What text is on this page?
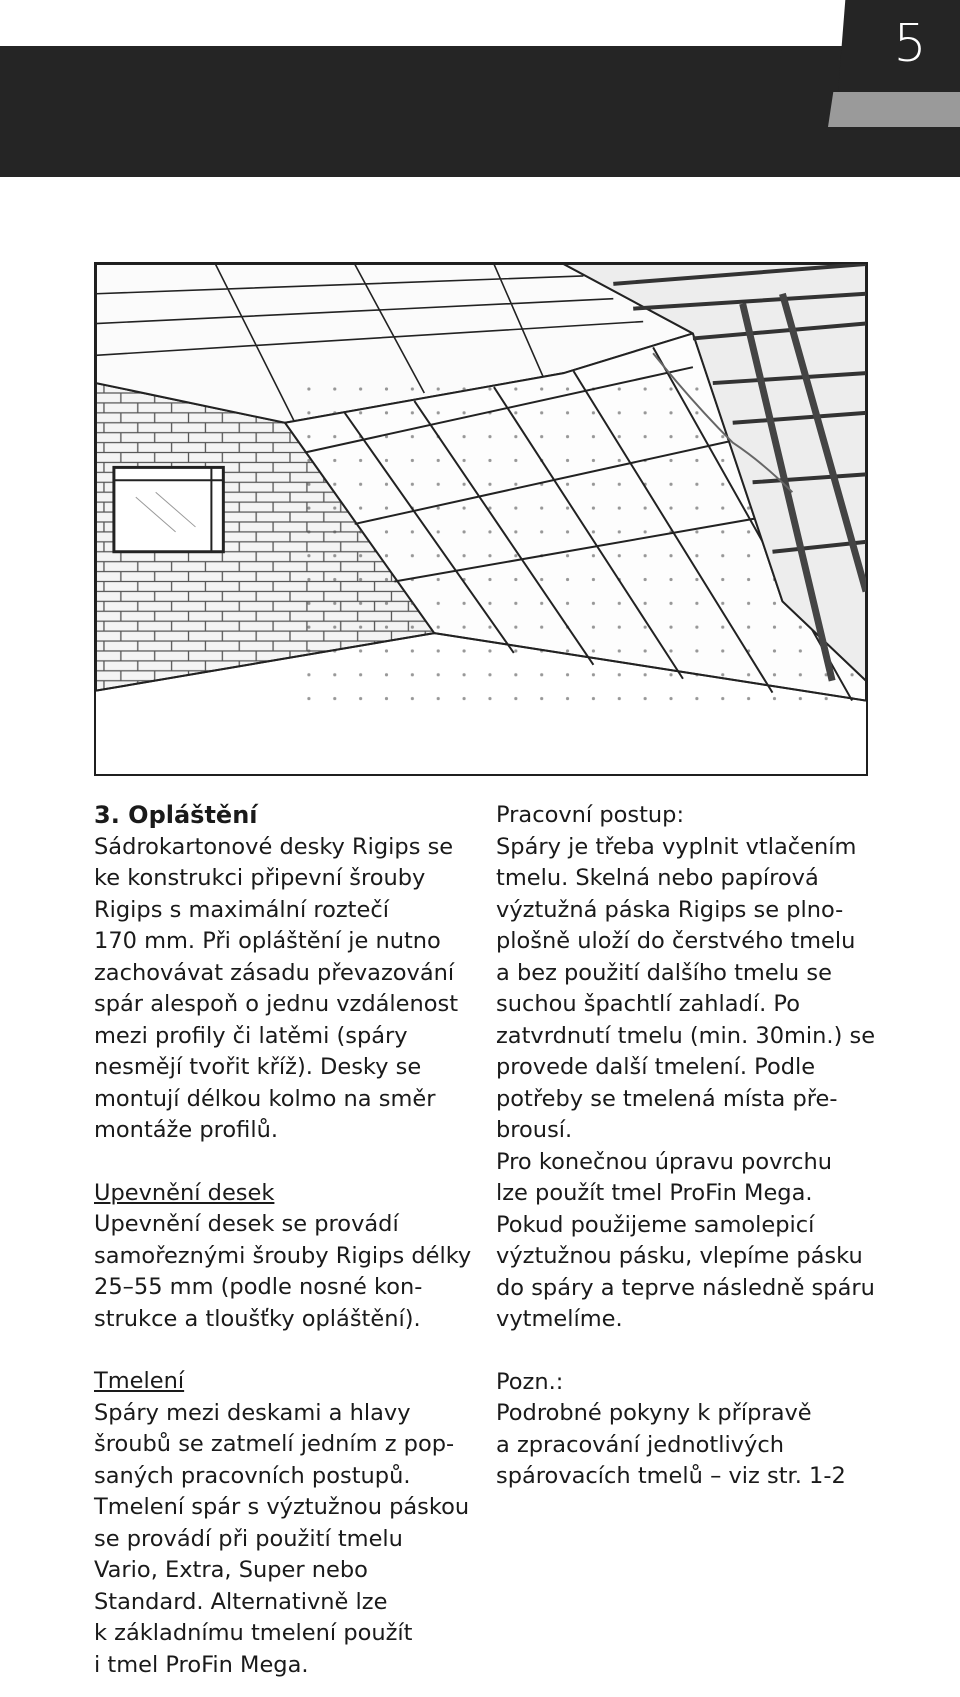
5

3. Opláštění

Sádrokartonové desky Rigips se
ke konstrukci připevní šrouby
Rigips s maximální roztečí
170 mm. Při opláštění je nutno
zachovávat zásadu převazování
spár alespoň o jednu vzdálenost
mezi profily či latěmi (spáry
nesmějí tvořit kříž). Desky se
montují délkou kolmo na směr
montáže profilů.

Upevnění desek

Upevnění desek se provádí
samořeznými šrouby Rigips délky
25–55 mm (podle nosné kon-
strukce a tloušťky opláštění).

Tmelení

Spáry mezi deskami a hlavy
šroubů se zatmelí jedním z pop-
saných pracovních postupů.
Tmelení spár s výztužnou páskou
se provádí při použití tmelu
Vario, Extra, Super nebo
Standard. Alternativně lze
k základnímu tmelení použít
i tmel ProFin Mega.

Pracovní postup:

Spáry je třeba vyplnit vtlačením
tmelu. Skelná nebo papírová
výztužná páska Rigips se plno-
plošně uloží do čerstvého tmelu
a bez použití dalšího tmelu se
suchou špachtlí zahladí. Po
zatvrdnutí tmelu (min. 30min.) se
provede další tmelení. Podle
potřeby se tmelená místa pře-
brousí.
Pro konečnou úpravu povrchu
lze použít tmel ProFin Mega.
Pokud použijeme samolepicí
výztužnou pásku, vlepíme pásku
do spáry a teprve následně spáru
vytmelíme.

Pozn.:

Podrobné pokyny k přípravě
a zpracování jednotlivých
spárovacích tmelů – viz str. 1-2
